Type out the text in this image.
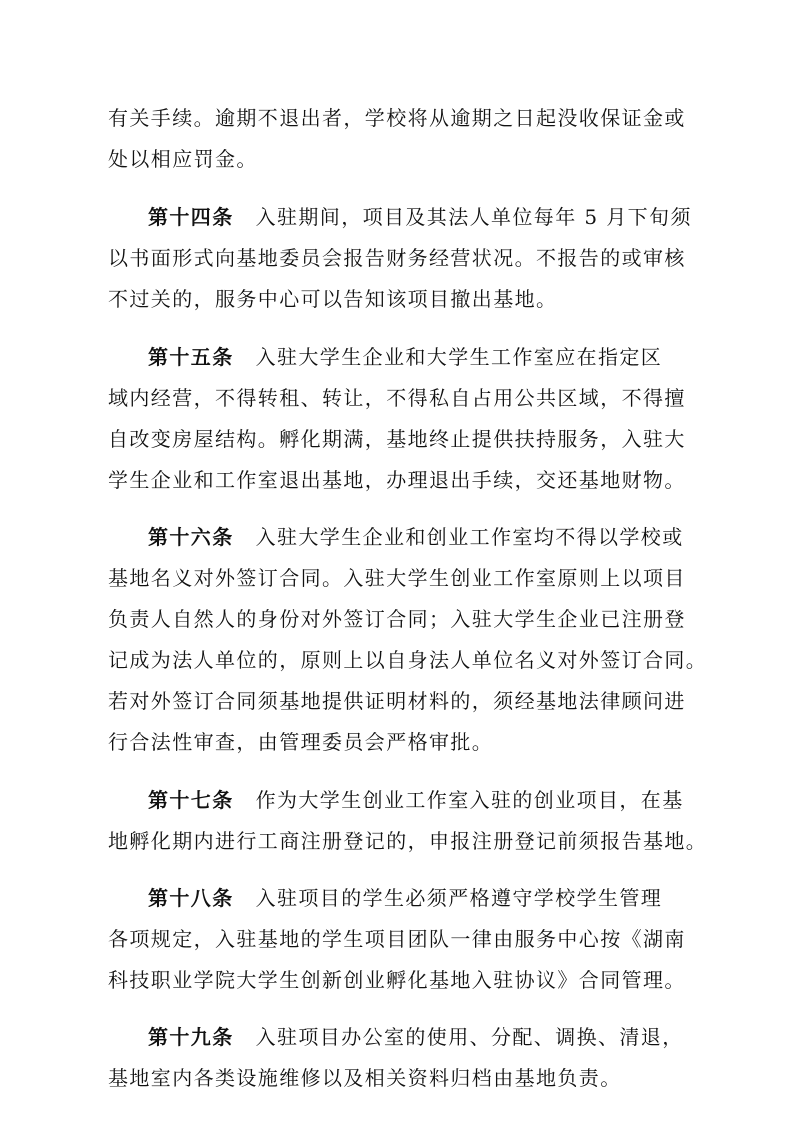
有关手续。逾期不退出者，学校将从逾期之日起没收保证金或
处以相应罚金。
第十四条 入驻期间，项目及其法人单位每年 5 月下旬须
以书面形式向基地委员会报告财务经营状况。不报告的或审核
不过关的，服务中心可以告知该项目撤出基地。
第十五条 入驻大学生企业和大学生工作室应在指定区
域内经营，不得转租、转让，不得私自占用公共区域，不得擅
自改变房屋结构。孵化期满，基地终止提供扶持服务，入驻大
学生企业和工作室退出基地，办理退出手续，交还基地财物。
第十六条 入驻大学生企业和创业工作室均不得以学校或
基地名义对外签订合同。入驻大学生创业工作室原则上以项目
负责人自然人的身份对外签订合同；入驻大学生企业已注册登
记成为法人单位的，原则上以自身法人单位名义对外签订合同。
若对外签订合同须基地提供证明材料的，须经基地法律顾问进
行合法性审查，由管理委员会严格审批。
第十七条 作为大学生创业工作室入驻的创业项目，在基
地孵化期内进行工商注册登记的，申报注册登记前须报告基地。
第十八条 入驻项目的学生必须严格遵守学校学生管理
各项规定，入驻基地的学生项目团队一律由服务中心按《湖南
科技职业学院大学生创新创业孵化基地入驻协议》合同管理。
第十九条 入驻项目办公室的使用、分配、调换、清退，
基地室内各类设施维修以及相关资料归档由基地负责。
